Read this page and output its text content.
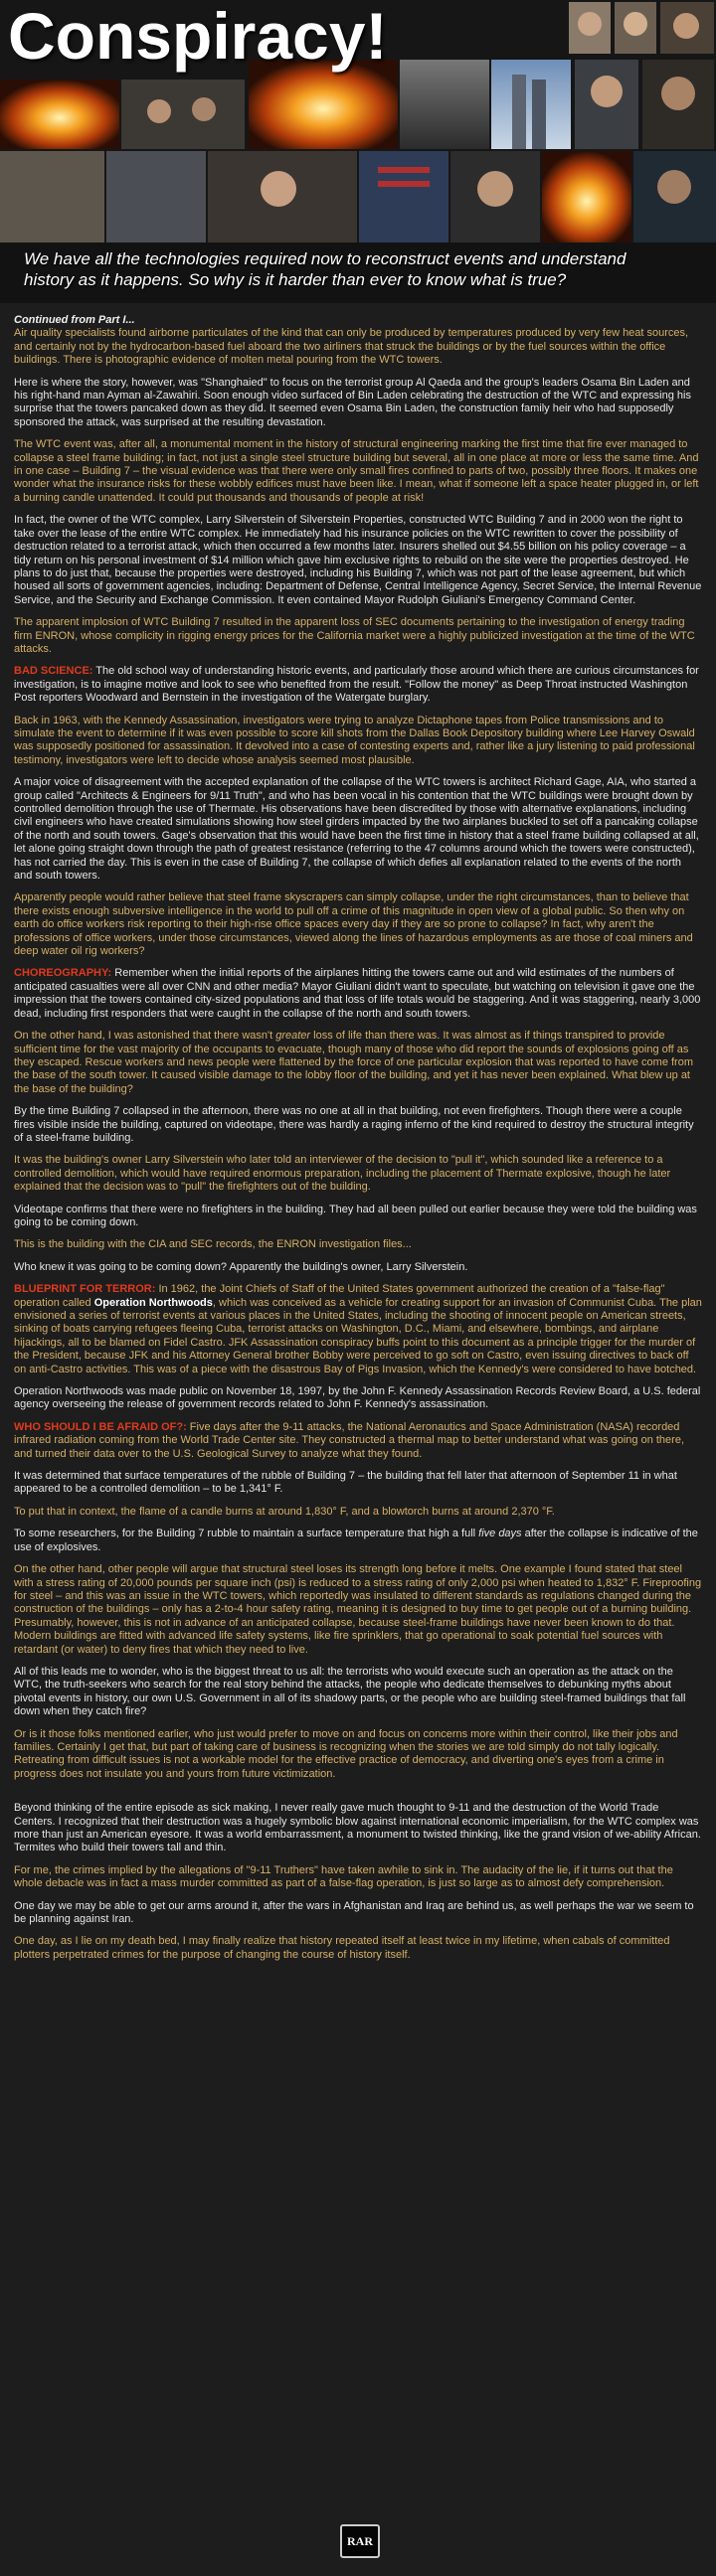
Conspiracy!

We have all the technologies required now to reconstruct events and understand history as it happens. So why is it harder than ever to know what is true?

Continued from Part I...
Air quality specialists found airborne particulates of the kind that can only be produced by temperatures produced by very few heat sources, and certainly not by the hydrocarbon-based fuel aboard the two airliners that struck the buildings or by the fuel sources within the office buildings. There is photographic evidence of molten metal pouring from the WTC towers.

Here is where the story, however, was "Shanghaied" to focus on the terrorist group Al Qaeda and the group's leaders Osama Bin Laden and his right-hand man Ayman al-Zawahiri. Soon enough video surfaced of Bin Laden celebrating the destruction of the WTC and expressing his surprise that the towers pancaked down as they did. It seemed even Osama Bin Laden, the construction family heir who had supposedly sponsored the attack, was surprised at the resulting devastation.

The WTC event was, after all, a monumental moment in the history of structural engineering marking the first time that fire ever managed to collapse a steel frame building; in fact, not just a single steel structure building but several, all in one place at more or less the same time. And in one case – Building 7 – the visual evidence was that there were only small fires confined to parts of two, possibly three floors. It makes one wonder what the insurance risks for these wobbly edifices must have been like. I mean, what if someone left a space heater plugged in, or left a burning candle unattended. It could put thousands and thousands of people at risk!

In fact, the owner of the WTC complex, Larry Silverstein of Silverstein Properties, constructed WTC Building 7 and in 2000 won the right to take over the lease of the entire WTC complex. He immediately had his insurance policies on the WTC rewritten to cover the possibility of destruction related to a terrorist attack, which then occurred a few months later. Insurers shelled out $4.55 billion on his policy coverage – a tidy return on his personal investment of $14 million which gave him exclusive rights to rebuild on the site were the properties destroyed. He plans to do just that, because the properties were destroyed, including his Building 7, which was not part of the lease agreement, but which housed all sorts of government agencies, including: Department of Defense, Central Intelligence Agency, Secret Service, the Internal Revenue Service, and the Security and Exchange Commission. It even contained Mayor Rudolph Giuliani's Emergency Command Center.

The apparent implosion of WTC Building 7 resulted in the apparent loss of SEC documents pertaining to the investigation of energy trading firm ENRON, whose complicity in rigging energy prices for the California market were a highly publicized investigation at the time of the WTC attacks.

BAD SCIENCE: The old school way of understanding historic events, and particularly those around which there are curious circumstances for investigation, is to imagine motive and look to see who benefited from the result. "Follow the money" as Deep Throat instructed Washington Post reporters Woodward and Bernstein in the investigation of the Watergate burglary.

Back in 1963, with the Kennedy Assassination, investigators were trying to analyze Dictaphone tapes from Police transmissions and to simulate the event to determine if it was even possible to score kill shots from the Dallas Book Depository building where Lee Harvey Oswald was supposedly positioned for assassination. It devolved into a case of contesting experts and, rather like a jury listening to paid professional testimony, investigators were left to decide whose analysis seemed most plausible.

A major voice of disagreement with the accepted explanation of the collapse of the WTC towers is architect Richard Gage, AIA, who started a group called "Architects & Engineers for 9/11 Truth", and who has been vocal in his contention that the WTC buildings were brought down by controlled demolition through the use of Thermate. His observations have been discredited by those with alternative explanations, including civil engineers who have created simulations showing how steel girders impacted by the two airplanes buckled to set off a pancaking collapse of the north and south towers. Gage's observation that this would have been the first time in history that a steel frame building collapsed at all, let alone going straight down through the path of greatest resistance (referring to the 47 columns around which the towers were constructed), has not carried the day. This is even in the case of Building 7, the collapse of which defies all explanation related to the events of the north and south towers.

Apparently people would rather believe that steel frame skyscrapers can simply collapse, under the right circumstances, than to believe that there exists enough subversive intelligence in the world to pull off a crime of this magnitude in open view of a global public. So then why on earth do office workers risk reporting to their high-rise office spaces every day if they are so prone to collapse? In fact, why aren't the professions of office workers, under those circumstances, viewed along the lines of hazardous employments as are those of coal miners and deep water oil rig workers?

CHOREOGRAPHY: Remember when the initial reports of the airplanes hitting the towers came out and wild estimates of the numbers of anticipated casualties were all over CNN and other media? Mayor Giuliani didn't want to speculate, but watching on television it gave one the impression that the towers contained city-sized populations and that loss of life totals would be staggering. And it was staggering, nearly 3,000 dead, including first responders that were caught in the collapse of the north and south towers.

On the other hand, I was astonished that there wasn't greater loss of life than there was. It was almost as if things transpired to provide sufficient time for the vast majority of the occupants to evacuate, though many of those who did report the sounds of explosions going off as they escaped. Rescue workers and news people were flattened by the force of one particular explosion that was reported to have come from the base of the south tower. It caused visible damage to the lobby floor of the building, and yet it has never been explained. What blew up at the base of the building?

By the time Building 7 collapsed in the afternoon, there was no one at all in that building, not even firefighters. Though there were a couple fires visible inside the building, captured on videotape, there was hardly a raging inferno of the kind required to destroy the structural integrity of a steel-frame building.

It was the building's owner Larry Silverstein who later told an interviewer of the decision to "pull it", which sounded like a reference to a controlled demolition, which would have required enormous preparation, including the placement of Thermate explosive, though he later explained that the decision was to "pull" the firefighters out of the building.

Videotape confirms that there were no firefighters in the building. They had all been pulled out earlier because they were told the building was going to be coming down.

This is the building with the CIA and SEC records, the ENRON investigation files...

Who knew it was going to be coming down? Apparently the building's owner, Larry Silverstein.

BLUEPRINT FOR TERROR: In 1962, the Joint Chiefs of Staff of the United States government authorized the creation of a "false-flag" operation called Operation Northwoods, which was conceived as a vehicle for creating support for an invasion of Communist Cuba. The plan envisioned a series of terrorist events at various places in the United States, including the shooting of innocent people on American streets, sinking of boats carrying refugees fleeing Cuba, terrorist attacks on Washington, D.C., Miami, and elsewhere, bombings, and airplane hijackings, all to be blamed on Fidel Castro. JFK Assassination conspiracy buffs point to this document as a principle trigger for the murder of the President, because JFK and his Attorney General brother Bobby were perceived to go soft on Castro, even issuing directives to back off on anti-Castro activities. This was of a piece with the disastrous Bay of Pigs Invasion, which the Kennedy's were considered to have botched.

Operation Northwoods was made public on November 18, 1997, by the John F. Kennedy Assassination Records Review Board, a U.S. federal agency overseeing the release of government records related to John F. Kennedy's assassination.

WHO SHOULD I BE AFRAID OF?: Five days after the 9-11 attacks, the National Aeronautics and Space Administration (NASA) recorded infrared radiation coming from the World Trade Center site. They constructed a thermal map to better understand what was going on there, and turned their data over to the U.S. Geological Survey to analyze what they found.

It was determined that surface temperatures of the rubble of Building 7 – the building that fell later that afternoon of September 11 in what appeared to be a controlled demolition – to be 1,341° F.

To put that in context, the flame of a candle burns at around 1,830° F, and a blowtorch burns at around 2,370 °F.

To some researchers, for the Building 7 rubble to maintain a surface temperature that high a full five days after the collapse is indicative of the use of explosives.

On the other hand, other people will argue that structural steel loses its strength long before it melts. One example I found stated that steel with a stress rating of 20,000 pounds per square inch (psi) is reduced to a stress rating of only 2,000 psi when heated to 1,832° F. Fireproofing for steel – and this was an issue in the WTC towers, which reportedly was insulated to different standards as regulations changed during the construction of the buildings – only has a 2-to-4 hour safety rating, meaning it is designed to buy time to get people out of a burning building. Presumably, however, this is not in advance of an anticipated collapse, because steel-frame buildings have never been known to do that. Modern buildings are fitted with advanced life safety systems, like fire sprinklers, that go operational to soak potential fuel sources with retardant (or water) to deny fires that which they need to live.

All of this leads me to wonder, who is the biggest threat to us all: the terrorists who would execute such an operation as the attack on the WTC, the truth-seekers who search for the real story behind the attacks, the people who dedicate themselves to debunking myths about pivotal events in history, our own U.S. Government in all of its shadowy parts, or the people who are building steel-framed buildings that fall down when they catch fire?

Or is it those folks mentioned earlier, who just would prefer to move on and focus on concerns more within their control, like their jobs and families. Certainly I get that, but part of taking care of business is recognizing when the stories we are told simply do not tally logically. Retreating from difficult issues is not a workable model for the effective practice of democracy, and diverting one's eyes from a crime in progress does not insulate you and yours from future victimization.

Beyond thinking of the entire episode as sick making, I never really gave much thought to 9-11 and the destruction of the World Trade Centers. I recognized that their destruction was a hugely symbolic blow against international economic imperialism, for the WTC complex was more than just an American eyesore. It was a world embarrassment, a monument to twisted thinking, like the grand vision of we-ability African. Termites who build their towers tall and thin.

For me, the crimes implied by the allegations of "9-11 Truthers" have taken awhile to sink in. The audacity of the lie, if it turns out that the whole debacle was in fact a mass murder committed as part of a false-flag operation, is just so large as to almost defy comprehension.

One day we may be able to get our arms around it, after the wars in Afghanistan and Iraq are behind us, as well perhaps the war we seem to be planning against Iran.

One day, as I lie on my death bed, I may finally realize that history repeated itself at least twice in my lifetime, when cabals of committed plotters perpetrated crimes for the purpose of changing the course of history itself.

RAR
